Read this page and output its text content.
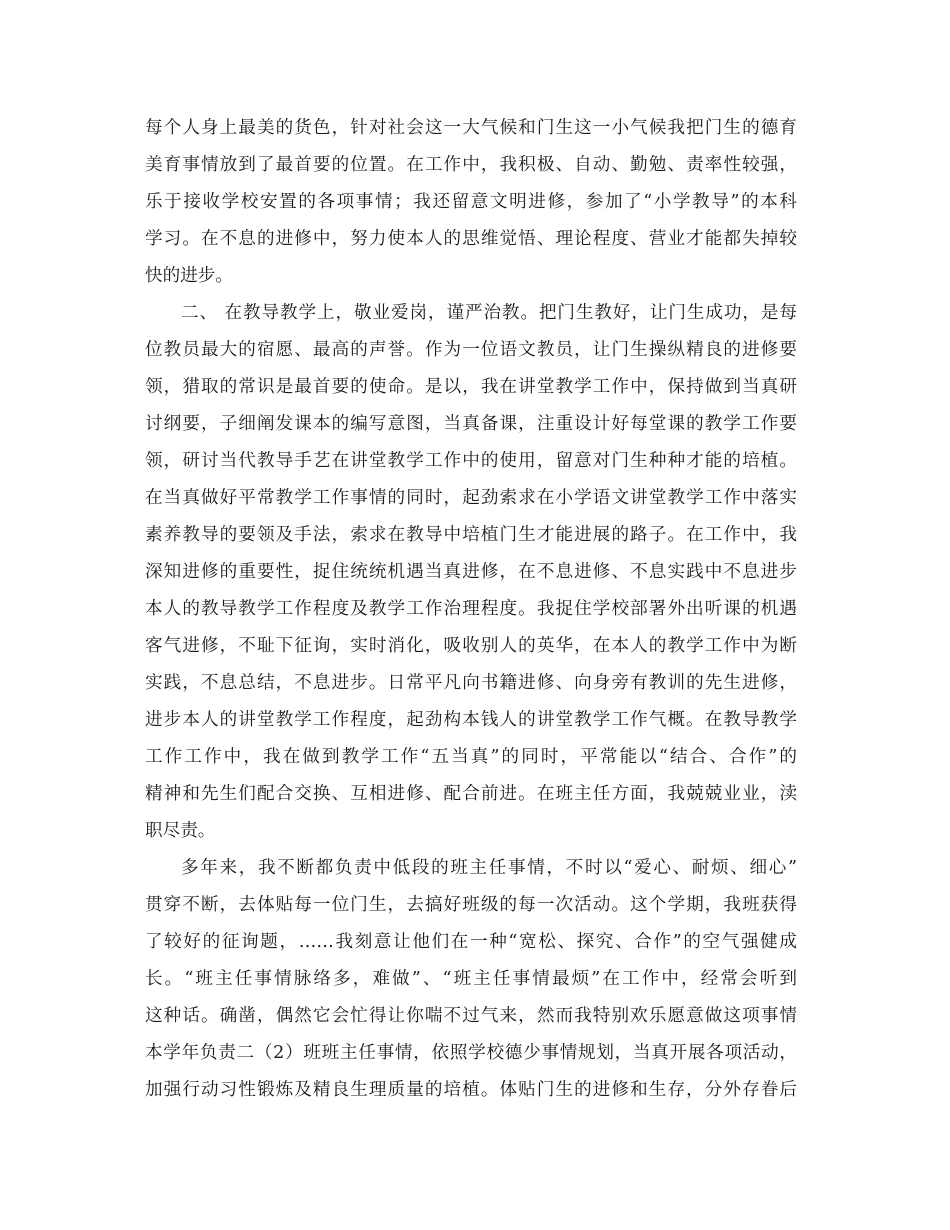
每个人身上最美的货色，针对社会这一大气候和门生这一小气候我把门生的德育
美育事情放到了最首要的位置。在工作中，我积极、自动、勤勉、责率性较强，
乐于接收学校安置的各项事情；我还留意文明进修，参加了“小学教导”的本科
学习。在不息的进修中，努力使本人的思维觉悟、理论程度、营业才能都失掉较
快的进步。
二、 在教导教学上，敬业爱岗，谨严治教。把门生教好，让门生成功，是每
位教员最大的宿愿、最高的声誉。作为一位语文教员，让门生操纵精良的进修要
领，猎取的常识是最首要的使命。是以，我在讲堂教学工作中，保持做到当真研
讨纲要，子细阐发课本的编写意图，当真备课，注重设计好每堂课的教学工作要
领，研讨当代教导手艺在讲堂教学工作中的使用，留意对门生种种才能的培植。
在当真做好平常教学工作事情的同时，起劲索求在小学语文讲堂教学工作中落实
素养教导的要领及手法，索求在教导中培植门生才能进展的路子。在工作中，我
深知进修的重要性，捉住统统机遇当真进修，在不息进修、不息实践中不息进步
本人的教导教学工作程度及教学工作治理程度。我捉住学校部署外出听课的机遇
客气进修，不耻下征询，实时消化，吸收别人的英华，在本人的教学工作中为断
实践，不息总结，不息进步。日常平凡向书籍进修、向身旁有教训的先生进修，
进步本人的讲堂教学工作程度，起劲构本钱人的讲堂教学工作气概。在教导教学
工作工作中，我在做到教学工作“五当真”的同时，平常能以“结合、合作”的
精神和先生们配合交换、互相进修、配合前进。在班主任方面，我兢兢业业，渎
职尽责。
多年来，我不断都负责中低段的班主任事情，不时以“爱心、耐烦、细心”
贯穿不断，去体贴每一位门生，去搞好班级的每一次活动。这个学期，我班获得
了较好的征询题，……我刻意让他们在一种“宽松、探究、合作”的空气强健成
长。“班主任事情脉络多，难做”、“班主任事情最烦”在工作中，经常会听到
这种话。确凿，偶然它会忙得让你喘不过气来，然而我特别欢乐愿意做这项事情
本学年负责二（2）班班主任事情，依照学校德少事情规划，当真开展各项活动，
加强行动习性锻炼及精良生理质量的培植。体贴门生的进修和生存，分外存眷后
